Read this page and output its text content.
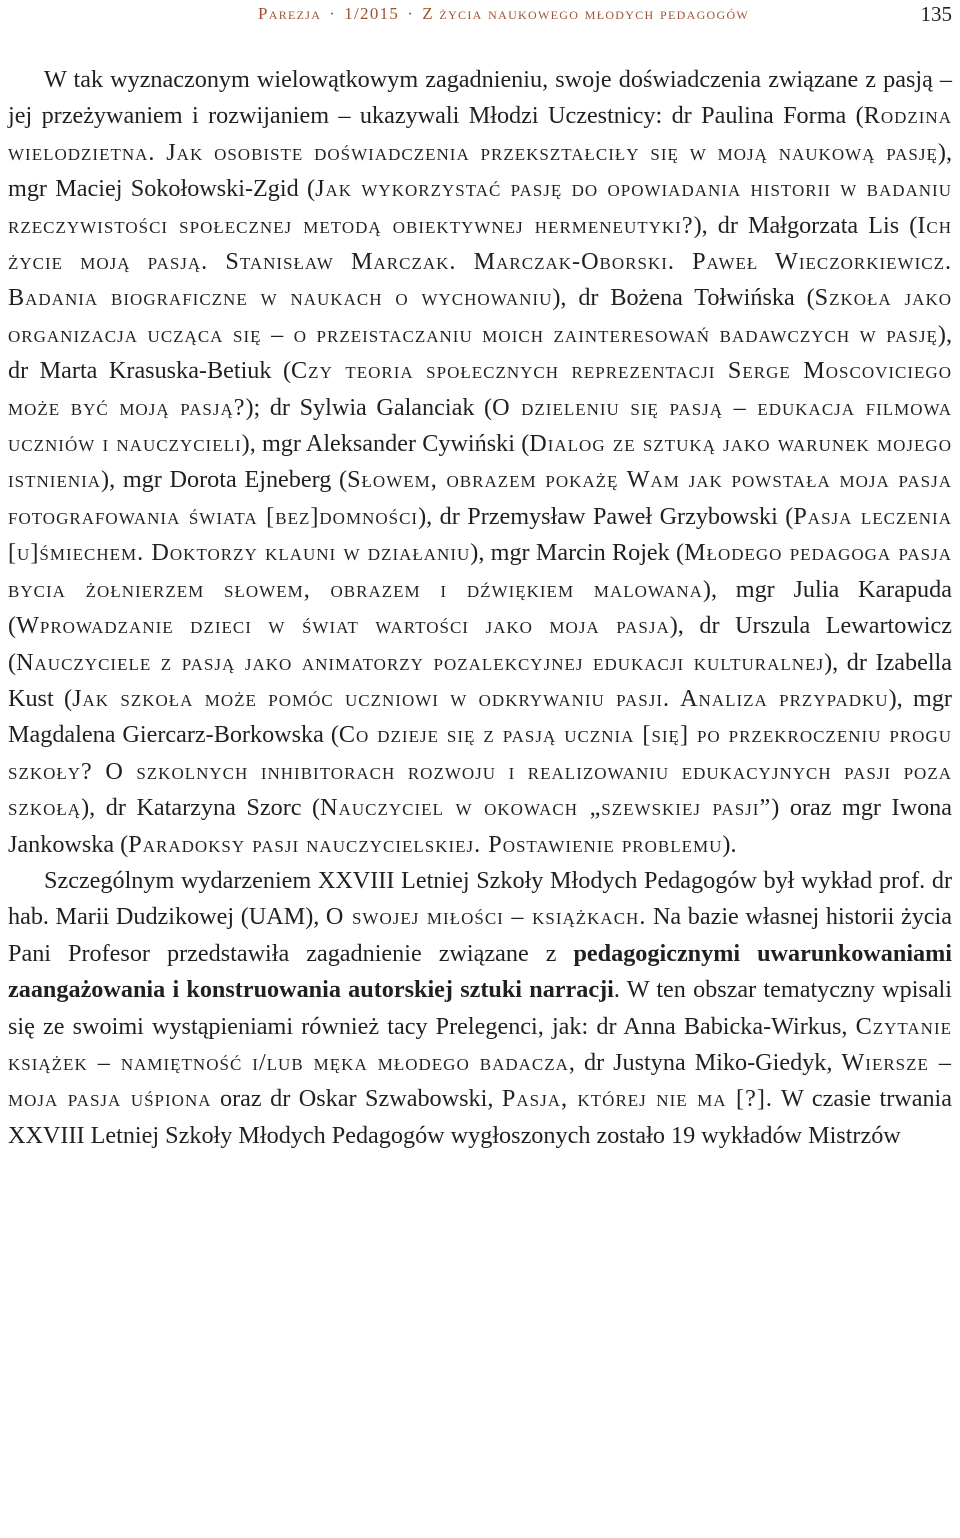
Parezja · 1/2015 · Z życia naukowego młodych pedagogów	135

W tak wyznaczonym wielowątkowym zagadnieniu, swoje doświadczenia związane z pasją – jej przeżywaniem i rozwijaniem – ukazywali Młodzi Uczestnicy: dr Paulina Forma (Rodzina wielodzietna. Jak osobiste doświadczenia przekształciły się w moją naukową pasję), mgr Maciej Sokołowski-Zgid (Jak wykorzystać pasję do opowiadania historii w badaniu rzeczywistości społecznej metodą obiektywnej hermeneutyki?), dr Małgorzata Lis (Ich życie moją pasją. Stanisław Marczak. Marczak-Oborski. Paweł Wieczorkiewicz. Badania biograficzne w naukach o wychowaniu), dr Bożena Tołwińska (Szkoła jako organizacja ucząca się – o przeistaczaniu moich zainteresowań badawczych w pasję), dr Marta Krasuska-Betiuk (Czy teoria społecznych reprezentacji Serge Moscoviciego może być moją pasją?); dr Sylwia Galanciak (O dzieleniu się pasją – edukacja filmowa uczniów i nauczycieli), mgr Aleksander Cywiński (Dialog ze sztuką jako warunek mojego istnienia), mgr Dorota Ejneberg (Słowem, obrazem pokażę Wam jak powstała moja pasja fotografowania świata [bez]domności), dr Przemysław Paweł Grzybowski (Pasja leczenia [u]śmiechem. Doktorzy klauni w działaniu), mgr Marcin Rojek (Młodego pedagoga pasja bycia żołnierzem słowem, obrazem i dźwiękiem malowana), mgr Julia Karapuda (Wprowadzanie dzieci w świat wartości jako moja pasja), dr Urszula Lewartowicz (Nauczyciele z pasją jako animatorzy pozalekcyjnej edukacji kulturalnej), dr Izabella Kust (Jak szkoła może pomóc uczniowi w odkrywaniu pasji. Analiza przypadku), mgr Magdalena Giercarz-Borkowska (Co dzieje się z pasją ucznia [się] po przekroczeniu progu szkoły? O szkolnych inhibitorach rozwoju i realizowaniu edukacyjnych pasji poza szkołą), dr Katarzyna Szorc (Nauczyciel w okowach „szewskiej pasji”) oraz mgr Iwona Jankowska (Paradoksy pasji nauczycielskiej. Postawienie problemu).

Szczególnym wydarzeniem XXVIII Letniej Szkoły Młodych Pedagogów był wykład prof. dr hab. Marii Dudzikowej (UAM), O swojej miłości – książkach. Na bazie własnej historii życia Pani Profesor przedstawiła zagadnienie związane z pedagogicznymi uwarunkowaniami zaangażowania i konstruowania autorskiej sztuki narracji. W ten obszar tematyczny wpisali się ze swoimi wystąpieniami również tacy Prelegenci, jak: dr Anna Babicka-Wirkus, Czytanie książek – namiętność i/lub męka młodego badacza, dr Justyna Miko-Giedyk, Wiersze – moja pasja uśpiona oraz dr Oskar Szwabowski, Pasja, której nie ma [?]. W czasie trwania XXVIII Letniej Szkoły Młodych Pedagogów wygłoszonych zostało 19 wykładów Mistrzów
